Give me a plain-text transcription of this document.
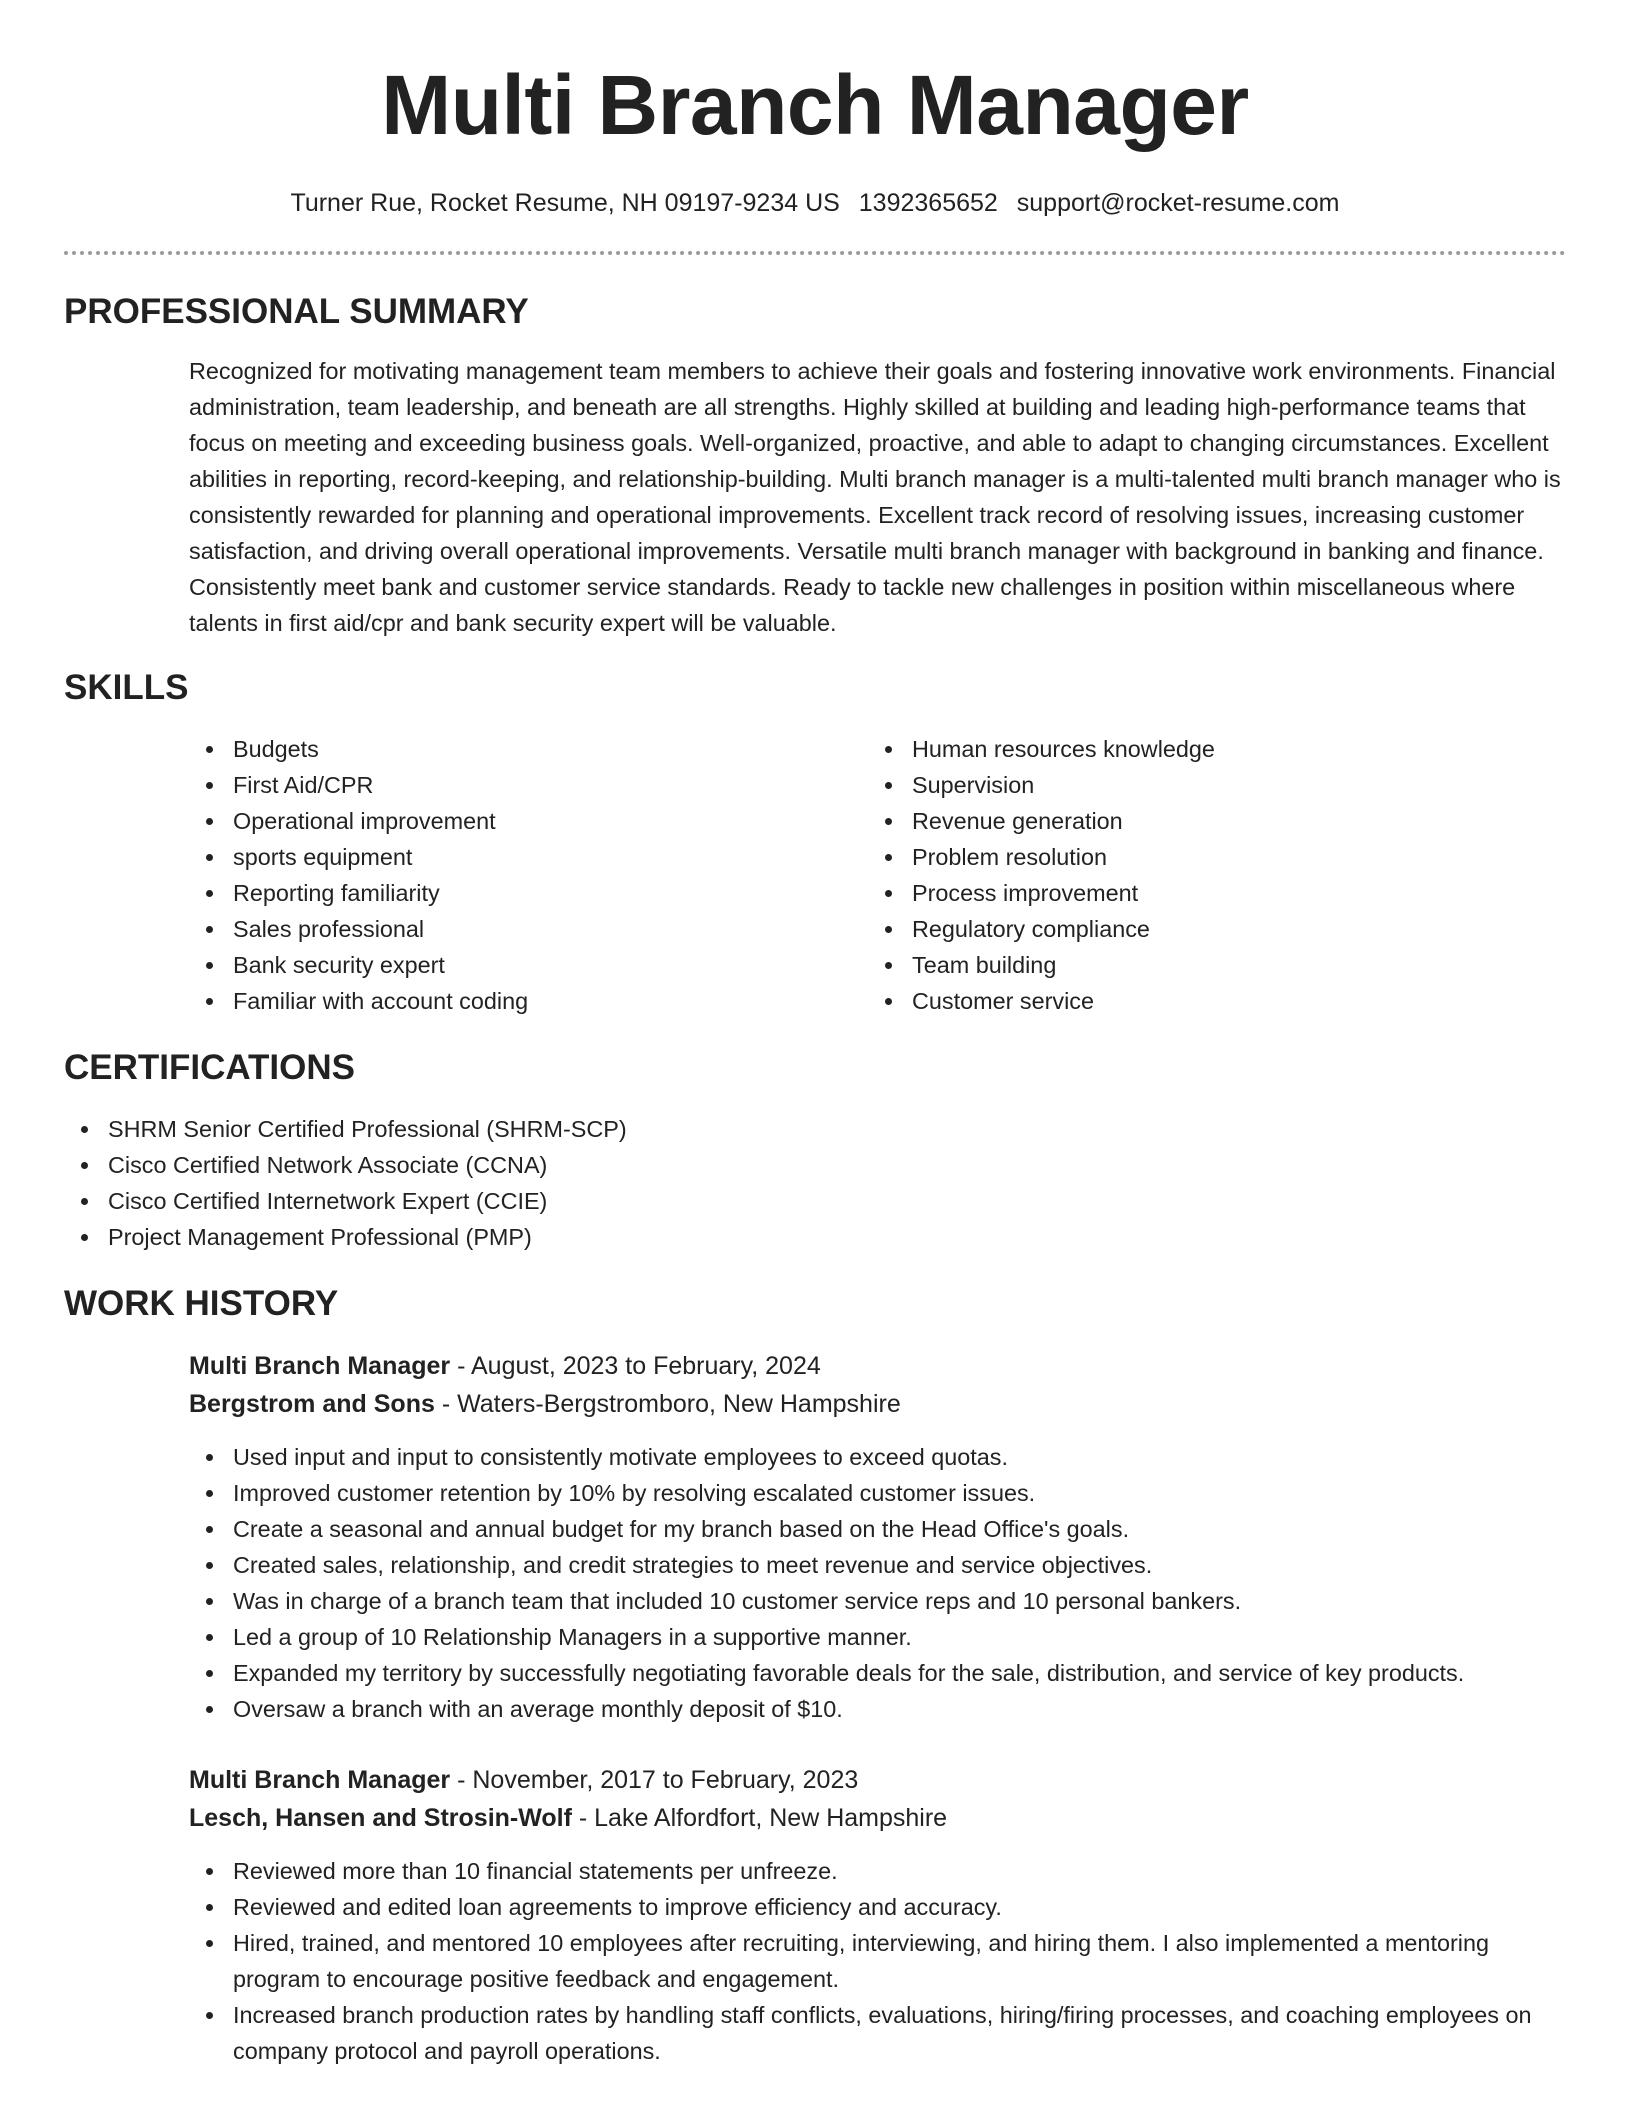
Multi Branch Manager
Turner Rue, Rocket Resume, NH 09197-9234 US 1392365652 support@rocket-resume.com
PROFESSIONAL SUMMARY

Recognized for motivating management team members to achieve their goals and fostering innovative work environments. Financial administration, team leadership, and beneath are all strengths. Highly skilled at building and leading high-performance teams that focus on meeting and exceeding business goals. Well-organized, proactive, and able to adapt to changing circumstances. Excellent abilities in reporting, record-keeping, and relationship-building. Multi branch manager is a multi-talented multi branch manager who is consistently rewarded for planning and operational improvements. Excellent track record of resolving issues, increasing customer satisfaction, and driving overall operational improvements. Versatile multi branch manager with background in banking and finance. Consistently meet bank and customer service standards. Ready to tackle new challenges in position within miscellaneous where talents in first aid/cpr and bank security expert will be valuable.

SKILLS
Budgets
First Aid/CPR
Operational improvement
sports equipment
Reporting familiarity
Sales professional
Bank security expert
Familiar with account coding
Human resources knowledge
Supervision
Revenue generation
Problem resolution
Process improvement
Regulatory compliance
Team building
Customer service
CERTIFICATIONS
SHRM Senior Certified Professional (SHRM-SCP)
Cisco Certified Network Associate (CCNA)
Cisco Certified Internetwork Expert (CCIE)
Project Management Professional (PMP)
WORK HISTORY
Multi Branch Manager - August, 2023 to February, 2024
Bergstrom and Sons - Waters-Bergstromboro, New Hampshire
Used input and input to consistently motivate employees to exceed quotas.
Improved customer retention by 10% by resolving escalated customer issues.
Create a seasonal and annual budget for my branch based on the Head Office's goals.
Created sales, relationship, and credit strategies to meet revenue and service objectives.
Was in charge of a branch team that included 10 customer service reps and 10 personal bankers.
Led a group of 10 Relationship Managers in a supportive manner.
Expanded my territory by successfully negotiating favorable deals for the sale, distribution, and service of key products.
Oversaw a branch with an average monthly deposit of $10.
Multi Branch Manager - November, 2017 to February, 2023
Lesch, Hansen and Strosin-Wolf - Lake Alfordfort, New Hampshire
Reviewed more than 10 financial statements per unfreeze.
Reviewed and edited loan agreements to improve efficiency and accuracy.
Hired, trained, and mentored 10 employees after recruiting, interviewing, and hiring them. I also implemented a mentoring program to encourage positive feedback and engagement.
Increased branch production rates by handling staff conflicts, evaluations, hiring/firing processes, and coaching employees on company protocol and payroll operations.
